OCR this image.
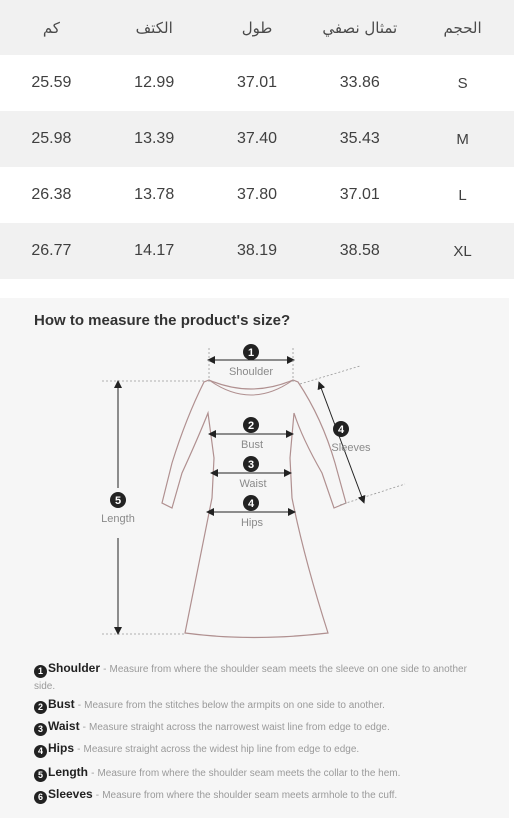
كم	الكتف	طول	تمثال نصفي	الحجم
25.59	12.99	37.01	33.86	S
25.98	13.39	37.40	35.43	M
26.38	13.78	37.80	37.01	L
26.77	14.17	38.19	38.58	XL
How to measure the product's size?
1
Shoulder
2
Bust
3
Waist
4
Hips
4
Sleeves
5
Length
1 Shoulder - Measure from where the shoulder seam meets the sleeve on one side to another side.
2 Bust - Measure from the stitches below the armpits on one side to another.
3 Waist - Measure straight across the narrowest waist line from edge to edge.
4 Hips - Measure straight across the widest hip line from edge to edge.
5 Length - Measure from where the shoulder seam meets the collar to the hem.
6 Sleeves - Measure from where the shoulder seam meets armhole to the cuff.
